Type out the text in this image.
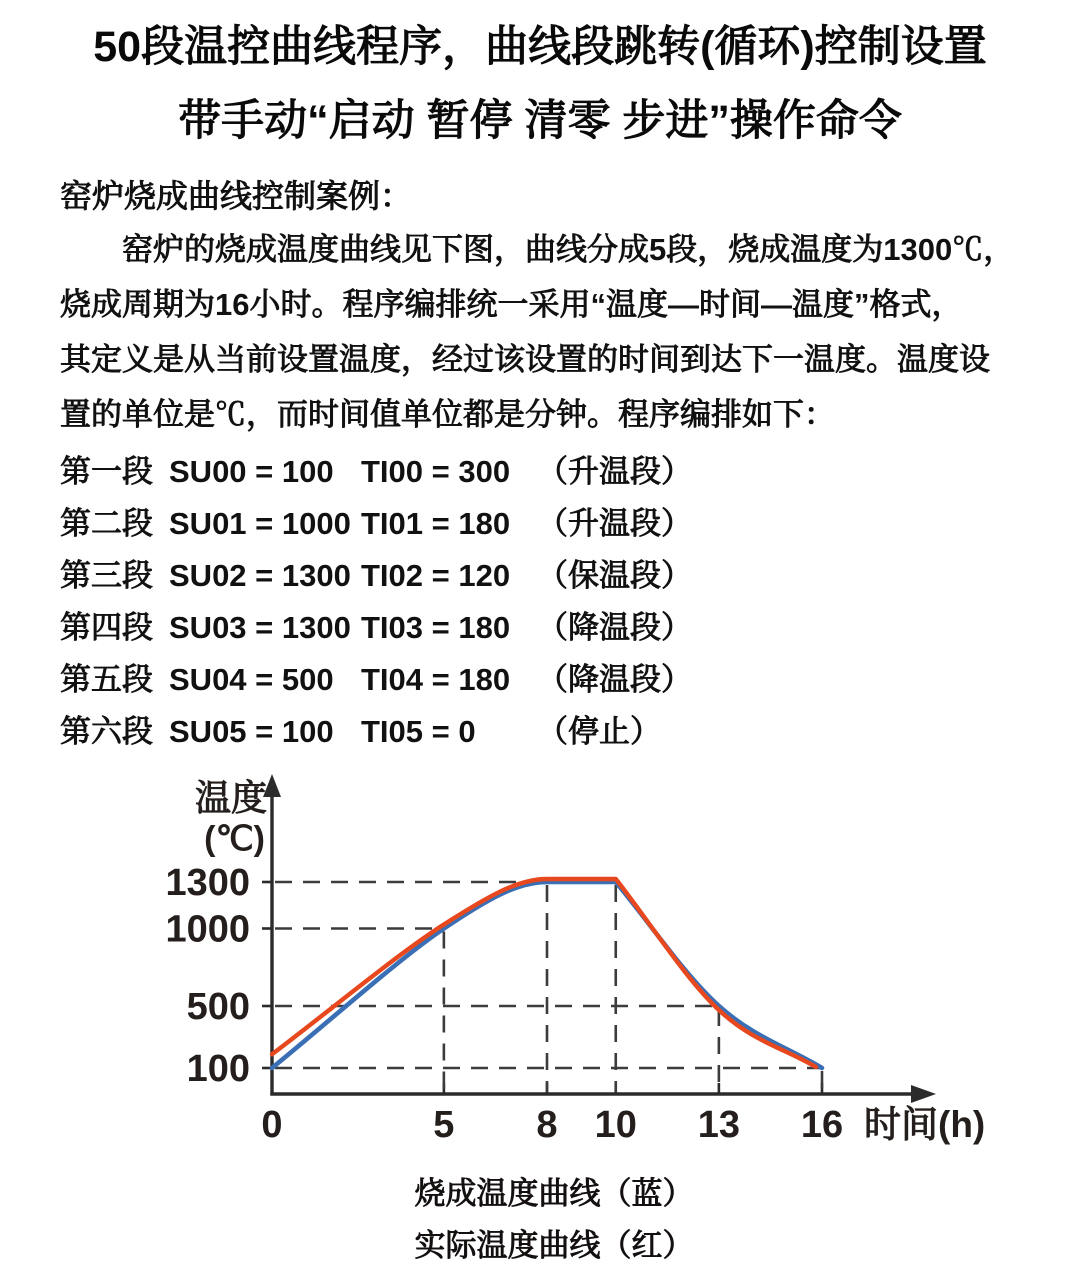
50段温控曲线程序，曲线段跳转(循环)控制设置
带手动“启动 暂停 清零 步进”操作命令
窑炉烧成曲线控制案例：
窑炉的烧成温度曲线见下图，曲线分成5段，烧成温度为1300℃，
烧成周期为16小时。程序编排统一采用“温度—时间—温度”格式，
其定义是从当前设置温度，经过该设置的时间到达下一温度。温度设
置的单位是℃，而时间值单位都是分钟。程序编排如下：
第一段 SU00 = 100 TI00 = 300 （升温段）
第二段 SU01 = 1000 TI01 = 180 （升温段）
第三段 SU02 = 1300 TI02 = 120 （保温段）
第四段 SU03 = 1300 TI03 = 180 （降温段）
第五段 SU04 = 500 TI04 = 180 （降温段）
第六段 SU05 = 100 TI05 = 0	（停止）
1300
1000
500
100
0	5 8 10 13 16
温度
(℃)
时间(h)
烧成温度曲线（蓝）
实际温度曲线（红）
